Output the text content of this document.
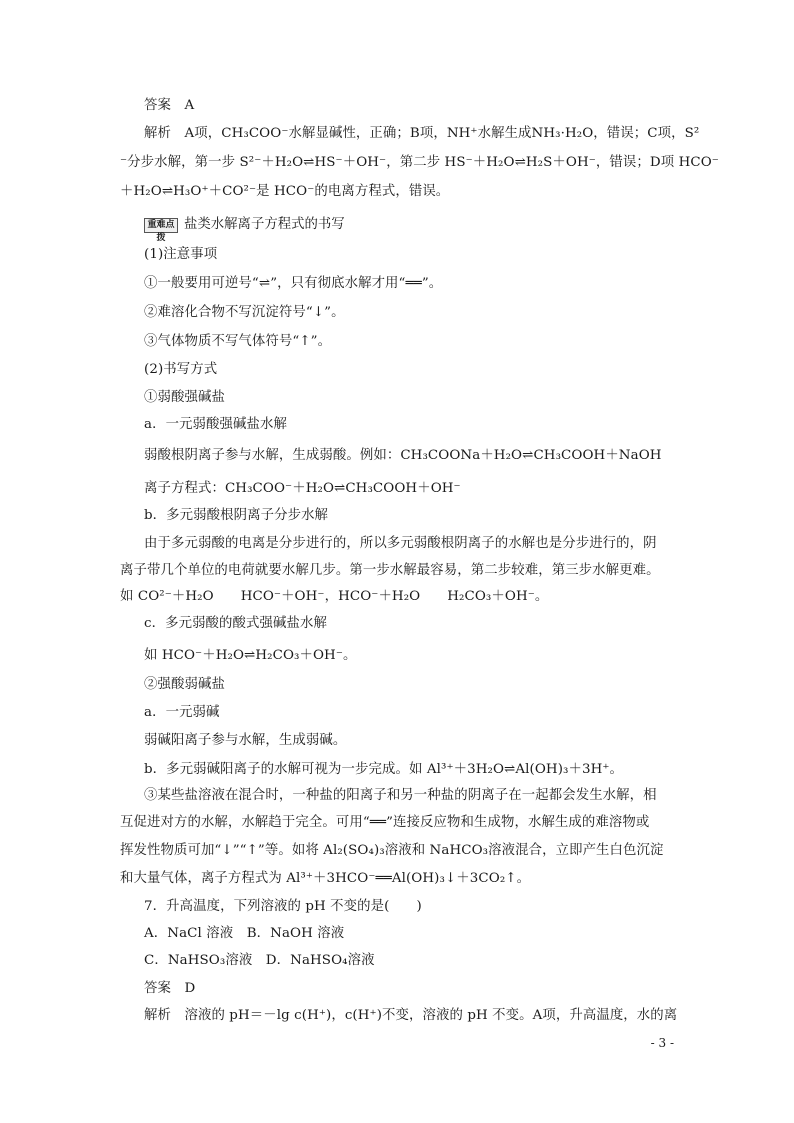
答案　A
解析　A项，CH₃COO⁻水解显碱性，正确；B项，NH⁺水解生成NH₃·H₂O，错误；C项，S²
⁻分步水解，第一步 S²⁻＋H₂O⇌HS⁻＋OH⁻，第二步 HS⁻＋H₂O⇌H₂S＋OH⁻，错误；D项 HCO⁻
＋H₂O⇌H₃O⁺＋CO²⁻是 HCO⁻的电离方程式，错误。
重难点拨
盐类水解离子方程式的书写
(1)注意事项
①一般要用可逆号“⇌”，只有彻底水解才用“══”。
②难溶化合物不写沉淀符号“↓”。
③气体物质不写气体符号“↑”。
(2)书写方式
①弱酸强碱盐
a．一元弱酸强碱盐水解
弱酸根阴离子参与水解，生成弱酸。例如：CH₃COONa＋H₂O⇌CH₃COOH＋NaOH
离子方程式：CH₃COO⁻＋H₂O⇌CH₃COOH＋OH⁻
b．多元弱酸根阴离子分步水解
由于多元弱酸的电离是分步进行的，所以多元弱酸根阴离子的水解也是分步进行的，阴
离子带几个单位的电荷就要水解几步。第一步水解最容易，第二步较难，第三步水解更难。
如 CO²⁻＋H₂O　　HCO⁻＋OH⁻，HCO⁻＋H₂O　　H₂CO₃＋OH⁻。
c．多元弱酸的酸式强碱盐水解
如 HCO⁻＋H₂O⇌H₂CO₃＋OH⁻。
②强酸弱碱盐
a．一元弱碱
弱碱阳离子参与水解，生成弱碱。
b．多元弱碱阳离子的水解可视为一步完成。如 Al³⁺＋3H₂O⇌Al(OH)₃＋3H⁺。
③某些盐溶液在混合时，一种盐的阳离子和另一种盐的阴离子在一起都会发生水解，相
互促进对方的水解，水解趋于完全。可用“══”连接反应物和生成物，水解生成的难溶物或
挥发性物质可加“↓”“↑”等。如将 Al₂(SO₄)₃溶液和 NaHCO₃溶液混合，立即产生白色沉淀
和大量气体，离子方程式为 Al³⁺＋3HCO⁻══Al(OH)₃↓＋3CO₂↑。
7．升高温度，下列溶液的 pH 不变的是(　　)
A．NaCl 溶液　B．NaOH 溶液
C．NaHSO₃溶液　D．NaHSO₄溶液
答案　D
解析　溶液的 pH＝－lg c(H⁺)，c(H⁺)不变，溶液的 pH 不变。A项，升高温度，水的离
- 3 -
